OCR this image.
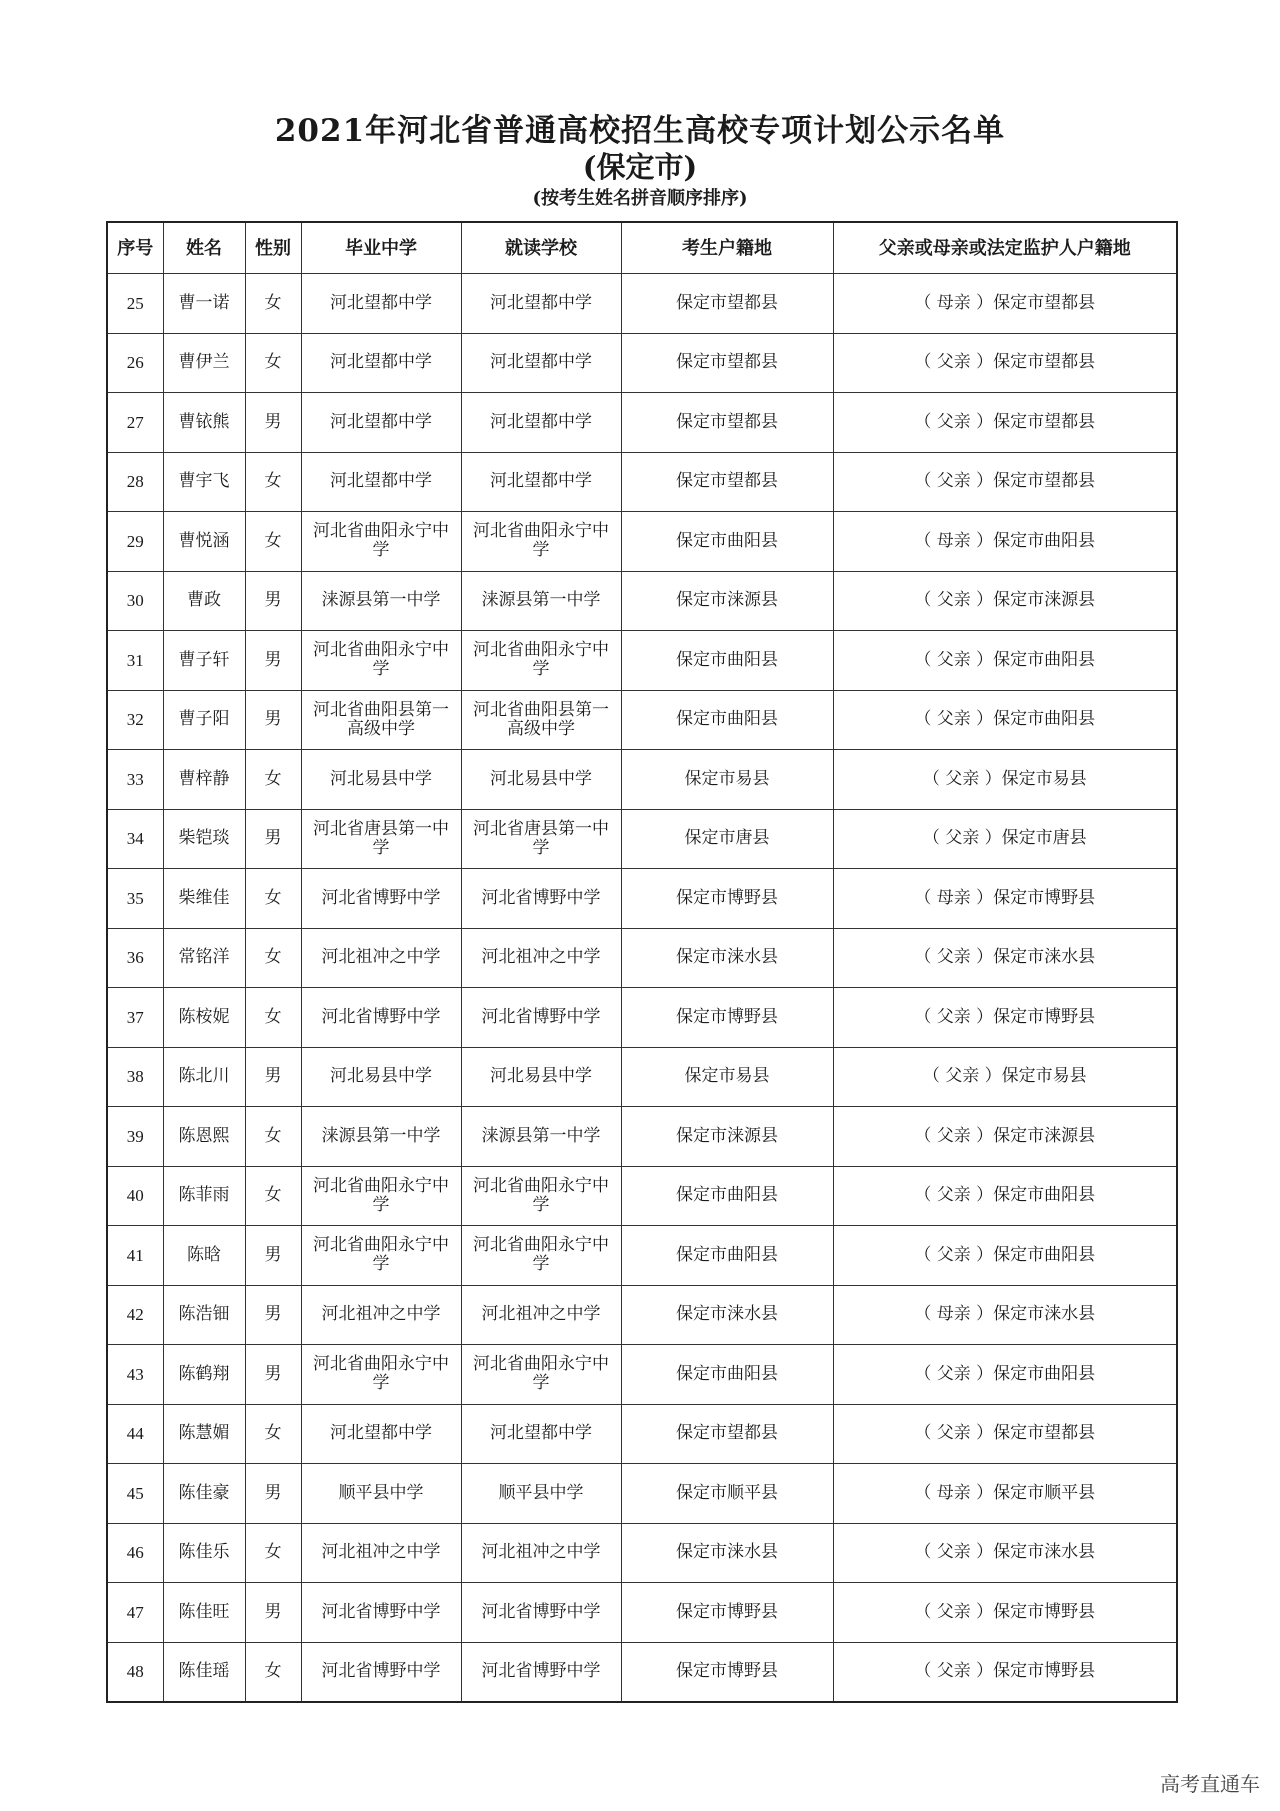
2021年河北省普通高校招生高校专项计划公示名单
(保定市)
(按考生姓名拼音顺序排序)
序号	姓名	性别	毕业中学	就读学校	考生户籍地	父亲或母亲或法定监护人户籍地
25	曹一诺	女	河北望都中学	河北望都中学	保定市望都县	（ 母亲 ）保定市望都县
26	曹伊兰	女	河北望都中学	河北望都中学	保定市望都县	（ 父亲 ）保定市望都县
27	曹铱熊	男	河北望都中学	河北望都中学	保定市望都县	（ 父亲 ）保定市望都县
28	曹宇飞	女	河北望都中学	河北望都中学	保定市望都县	（ 父亲 ）保定市望都县
29	曹悦涵	女	河北省曲阳永宁中学	河北省曲阳永宁中学	保定市曲阳县	（ 母亲 ）保定市曲阳县
30	曹政	男	涞源县第一中学	涞源县第一中学	保定市涞源县	（ 父亲 ）保定市涞源县
31	曹子轩	男	河北省曲阳永宁中学	河北省曲阳永宁中学	保定市曲阳县	（ 父亲 ）保定市曲阳县
32	曹子阳	男	河北省曲阳县第一高级中学	河北省曲阳县第一高级中学	保定市曲阳县	（ 父亲 ）保定市曲阳县
33	曹梓静	女	河北易县中学	河北易县中学	保定市易县	（ 父亲 ）保定市易县
34	柴铠琰	男	河北省唐县第一中学	河北省唐县第一中学	保定市唐县	（ 父亲 ）保定市唐县
35	柴维佳	女	河北省博野中学	河北省博野中学	保定市博野县	（ 母亲 ）保定市博野县
36	常铭洋	女	河北祖冲之中学	河北祖冲之中学	保定市涞水县	（ 父亲 ）保定市涞水县
37	陈桉妮	女	河北省博野中学	河北省博野中学	保定市博野县	（ 父亲 ）保定市博野县
38	陈北川	男	河北易县中学	河北易县中学	保定市易县	（ 父亲 ）保定市易县
39	陈恩熙	女	涞源县第一中学	涞源县第一中学	保定市涞源县	（ 父亲 ）保定市涞源县
40	陈菲雨	女	河北省曲阳永宁中学	河北省曲阳永宁中学	保定市曲阳县	（ 父亲 ）保定市曲阳县
41	陈晗	男	河北省曲阳永宁中学	河北省曲阳永宁中学	保定市曲阳县	（ 父亲 ）保定市曲阳县
42	陈浩钿	男	河北祖冲之中学	河北祖冲之中学	保定市涞水县	（ 母亲 ）保定市涞水县
43	陈鹤翔	男	河北省曲阳永宁中学	河北省曲阳永宁中学	保定市曲阳县	（ 父亲 ）保定市曲阳县
44	陈慧媚	女	河北望都中学	河北望都中学	保定市望都县	（ 父亲 ）保定市望都县
45	陈佳豪	男	顺平县中学	顺平县中学	保定市顺平县	（ 母亲 ）保定市顺平县
46	陈佳乐	女	河北祖冲之中学	河北祖冲之中学	保定市涞水县	（ 父亲 ）保定市涞水县
47	陈佳旺	男	河北省博野中学	河北省博野中学	保定市博野县	（ 父亲 ）保定市博野县
48	陈佳瑶	女	河北省博野中学	河北省博野中学	保定市博野县	（ 父亲 ）保定市博野县
高考直通车
